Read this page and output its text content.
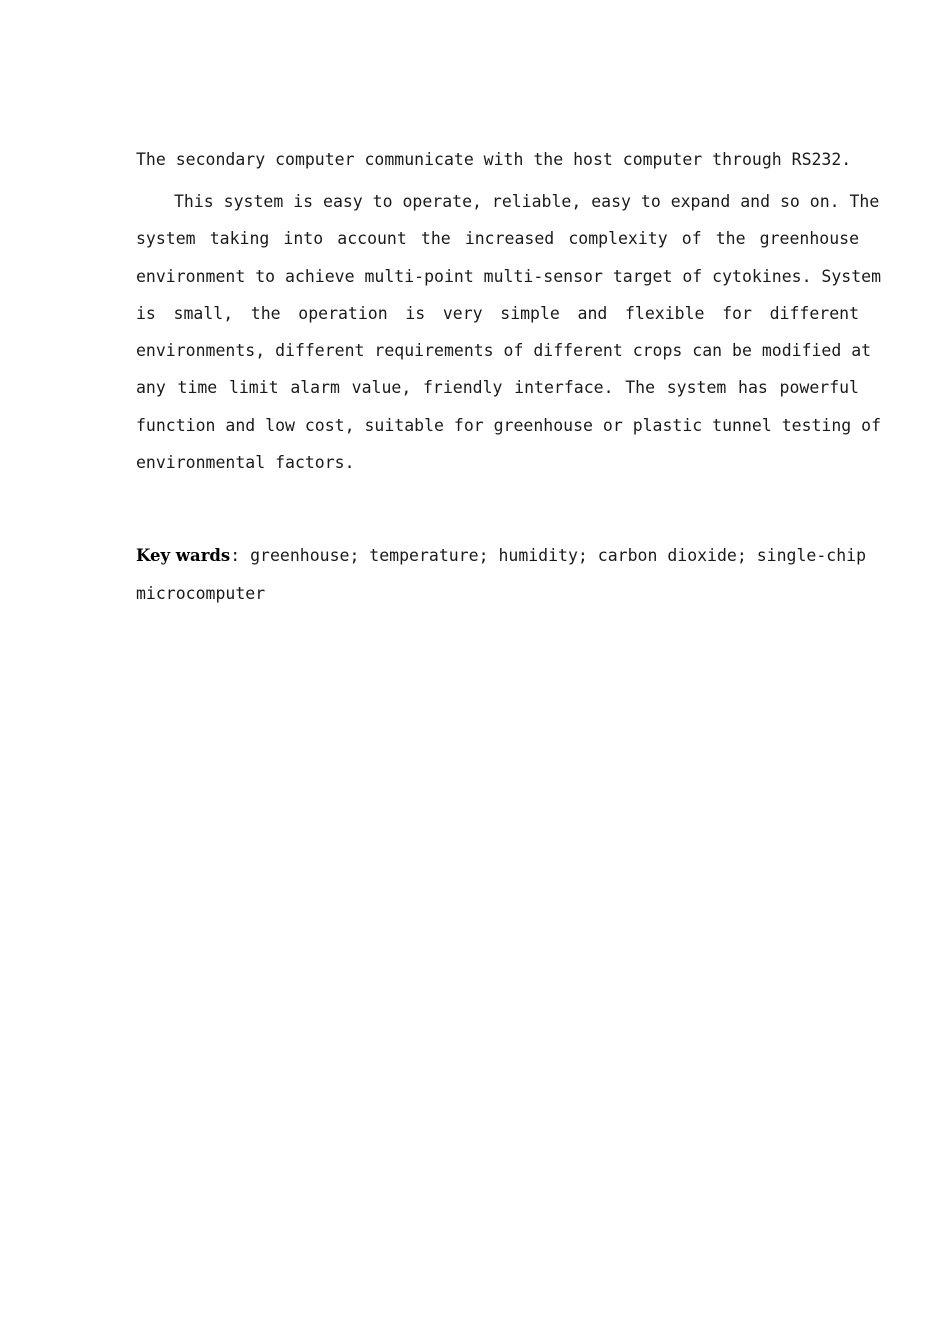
The secondary computer communicate with the host computer through RS232.

This system is easy to operate, reliable, easy to expand and so on. The

system taking into account the increased complexity of the greenhouse

environment to achieve multi-point multi-sensor target of cytokines. System

is small, the operation is very simple and flexible for different

environments, different requirements of different crops can be modified at

any time limit alarm value, friendly interface. The system has powerful

function and low cost, suitable for greenhouse or plastic tunnel testing of

environmental factors.

Key wards: greenhouse; temperature; humidity; carbon dioxide; single-chip

microcomputer
